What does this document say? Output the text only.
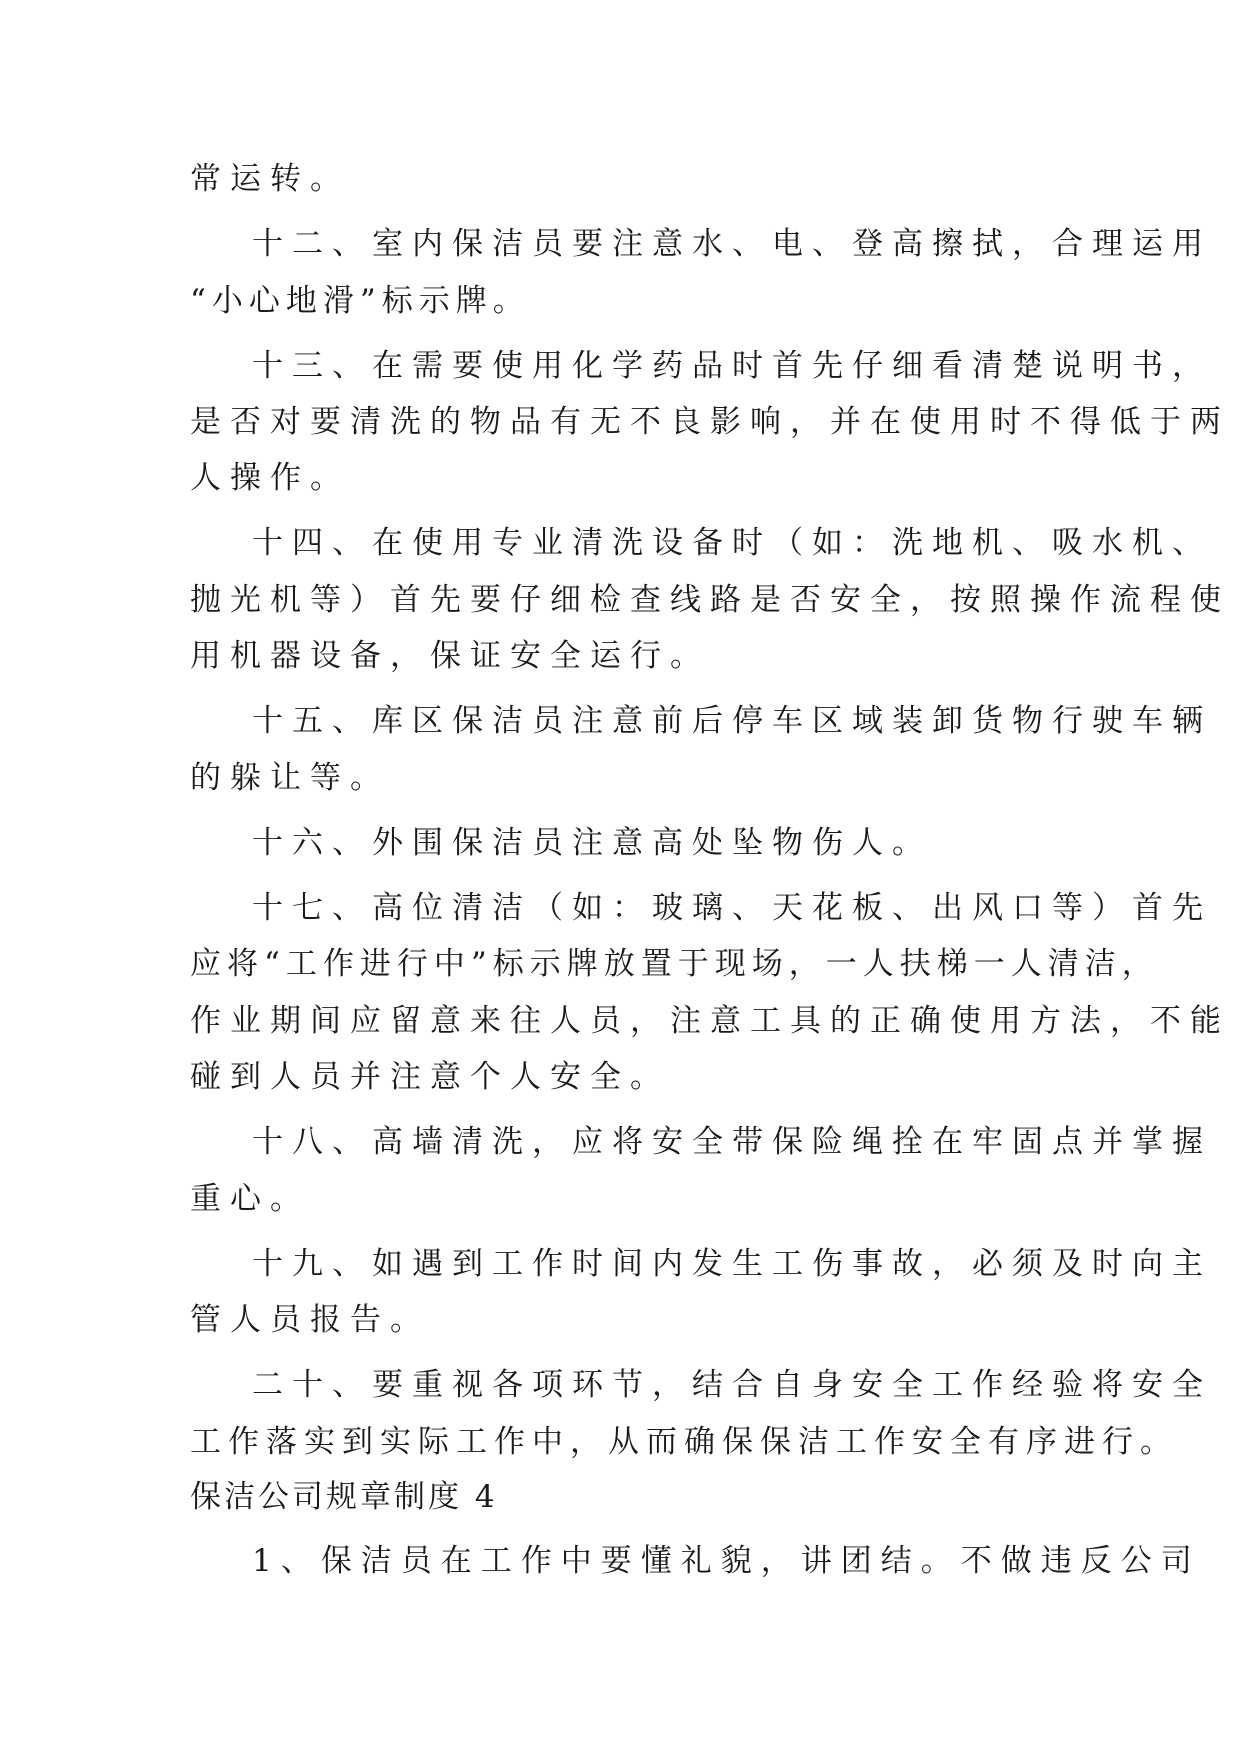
常运转。
十二、室内保洁员要注意水、电、登高擦拭，合理运用
“小心地滑”标示牌。
十三、在需要使用化学药品时首先仔细看清楚说明书，
是否对要清洗的物品有无不良影响，并在使用时不得低于两
人操作。
十四、在使用专业清洗设备时（如：洗地机、吸水机、
抛光机等）首先要仔细检查线路是否安全，按照操作流程使
用机器设备，保证安全运行。
十五、库区保洁员注意前后停车区域装卸货物行驶车辆
的躲让等。
十六、外围保洁员注意高处坠物伤人。
十七、高位清洁（如：玻璃、天花板、出风口等）首先
应将“工作进行中”标示牌放置于现场，一人扶梯一人清洁，
作业期间应留意来往人员，注意工具的正确使用方法，不能
碰到人员并注意个人安全。
十八、高墙清洗，应将安全带保险绳拴在牢固点并掌握
重心。
十九、如遇到工作时间内发生工伤事故，必须及时向主
管人员报告。
二十、要重视各项环节，结合自身安全工作经验将安全
工作落实到实际工作中，从而确保保洁工作安全有序进行。
保洁公司规章制度 4
1、保洁员在工作中要懂礼貌，讲团结。不做违反公司
